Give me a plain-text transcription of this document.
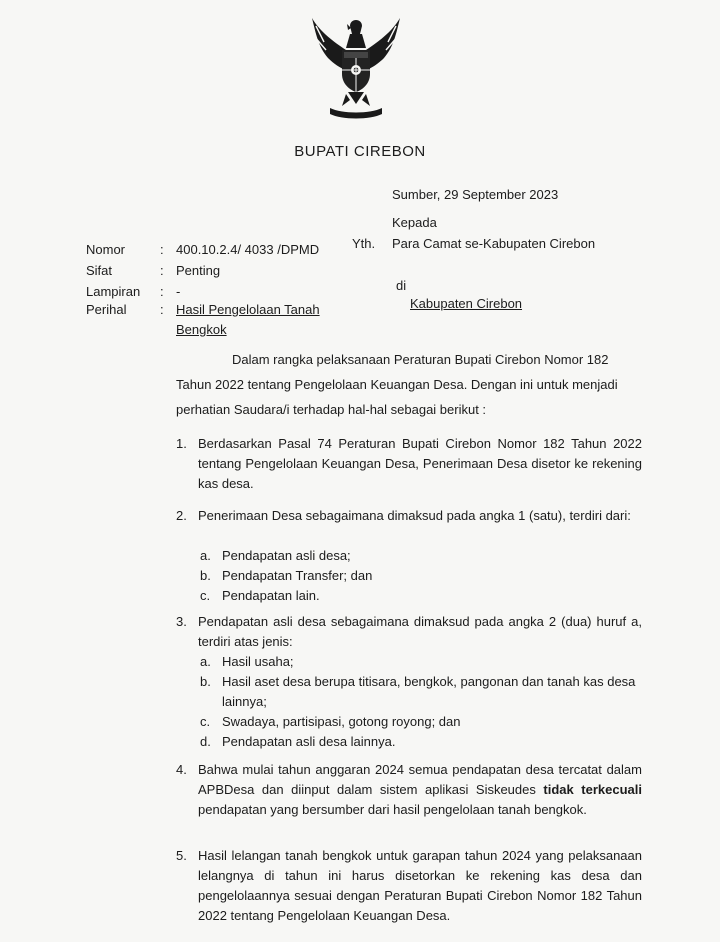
BUPATI CIREBON
Sumber, 29 September 2023
Kepada
Yth. Para Camat se-Kabupaten Cirebon
di
Kabupaten Cirebon
Nomor	: 400.10.2.4/ 4033 /DPMD
Sifat	: Penting
Lampiran : -
Perihal	: Hasil Pengelolaan Tanah
Bengkok
Dalam rangka pelaksanaan Peraturan Bupati Cirebon Nomor 182
Tahun 2022 tentang Pengelolaan Keuangan Desa. Dengan ini untuk menjadi
perhatian Saudara/i terhadap hal-hal sebagai berikut :
1. Berdasarkan Pasal 74 Peraturan Bupati Cirebon Nomor 182 Tahun 2022 tentang Pengelolaan Keuangan Desa, Penerimaan Desa disetor ke rekening kas desa.
2. Penerimaan Desa sebagaimana dimaksud pada angka 1 (satu), terdiri dari:
a. Pendapatan asli desa;
b. Pendapatan Transfer; dan
c. Pendapatan lain.
3. Pendapatan asli desa sebagaimana dimaksud pada angka 2 (dua) huruf a, terdiri atas jenis:
a. Hasil usaha;
b. Hasil aset desa berupa titisara, bengkok, pangonan dan tanah kas desa lainnya;
c. Swadaya, partisipasi, gotong royong; dan
d. Pendapatan asli desa lainnya.
4. Bahwa mulai tahun anggaran 2024 semua pendapatan desa tercatat dalam APBDesa dan diinput dalam sistem aplikasi Siskeudes tidak terkecuali pendapatan yang bersumber dari hasil pengelolaan tanah bengkok.
5. Hasil lelangan tanah bengkok untuk garapan tahun 2024 yang pelaksanaan lelangnya di tahun ini harus disetorkan ke rekening kas desa dan pengelolaannya sesuai dengan Peraturan Bupati Cirebon Nomor 182 Tahun 2022 tentang Pengelolaan Keuangan Desa.
